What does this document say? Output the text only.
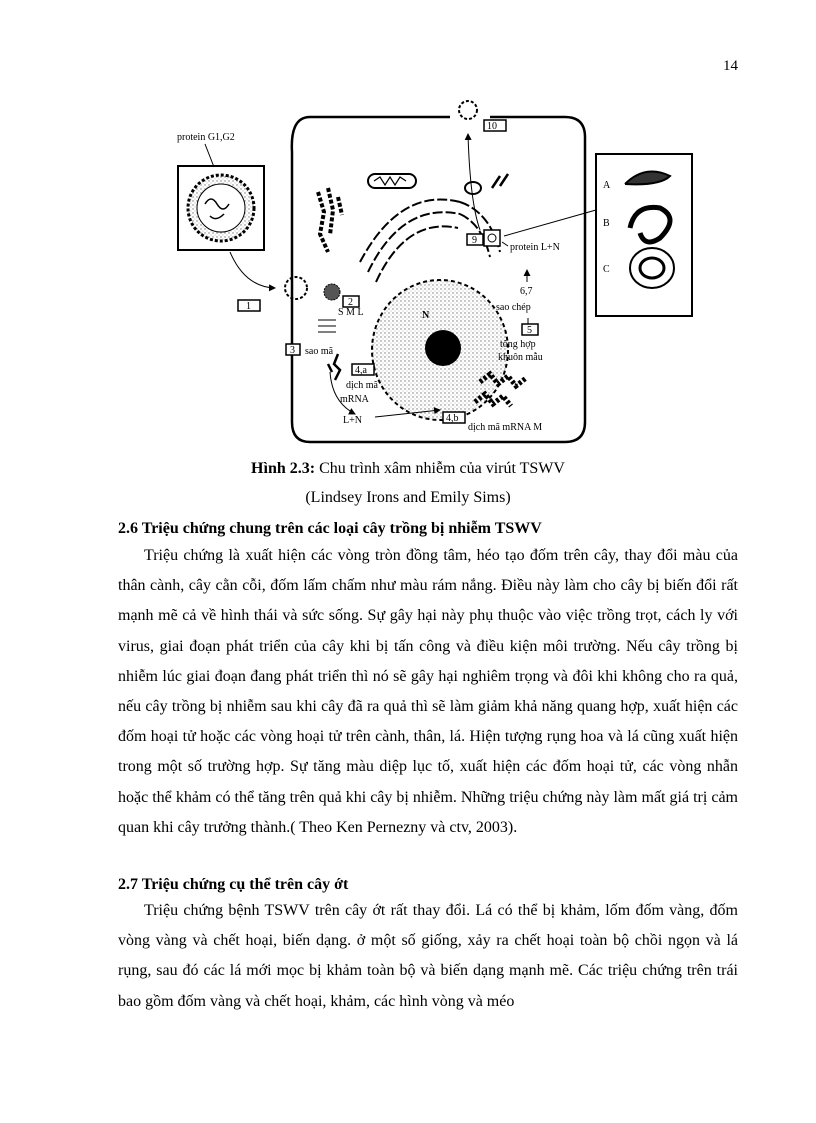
14
protein G1,G2
1
N
S M L
2
3 sao mã
4,a
dịch mã
mRNA
L+N	4,b
dịch mã mRNA M
sao chép
5
tổng hợp
khuôn mẫu
6,7
9
protein L+N
10
A
B
C
Hình 2.3: Chu trình xâm nhiễm của virút TSWV
(Lindsey Irons and Emily Sims)
2.6 Triệu chứng chung trên các loại cây trồng bị nhiễm TSWV

Triệu chứng là xuất hiện các vòng tròn đồng tâm, héo tạo đốm trên cây, thay đổi màu của thân cành, cây cằn cỗi, đốm lấm chấm như màu rám nắng. Điều này làm cho cây bị biến đổi rất mạnh mẽ cả về hình thái và sức sống. Sự gây hại này phụ thuộc vào việc trồng trọt, cách ly với virus, giai đoạn phát triển của cây khi bị tấn công và điều kiện môi trường. Nếu cây trồng bị nhiễm lúc giai đoạn đang phát triển thì nó sẽ gây hại nghiêm trọng và đôi khi không cho ra quả, nếu cây trồng bị nhiễm sau khi cây đã ra quả thì sẽ làm giảm khả năng quang hợp, xuất hiện các đốm hoại tử hoặc các vòng hoại tử trên cành, thân, lá. Hiện tượng rụng hoa và lá cũng xuất hiện trong một số trường hợp. Sự tăng màu diệp lục tố, xuất hiện các đốm hoại tử, các vòng nhẫn hoặc thể khảm có thể tăng trên quả khi cây bị nhiễm. Những triệu chứng này làm mất giá trị cảm quan khi cây trưởng thành.( Theo Ken Pernezny và ctv, 2003).

2.7 Triệu chứng cụ thể trên cây ớt

Triệu chứng bệnh TSWV trên cây ớt rất thay đổi. Lá có thể bị khảm, lốm đốm vàng, đốm vòng vàng và chết hoại, biến dạng. ở một số giống, xảy ra chết hoại toàn bộ chồi ngọn và lá rụng, sau đó các lá mới mọc bị khảm toàn bộ và biến dạng mạnh mẽ. Các triệu chứng trên trái bao gồm đốm vàng và chết hoại, khảm, các hình vòng và méo
